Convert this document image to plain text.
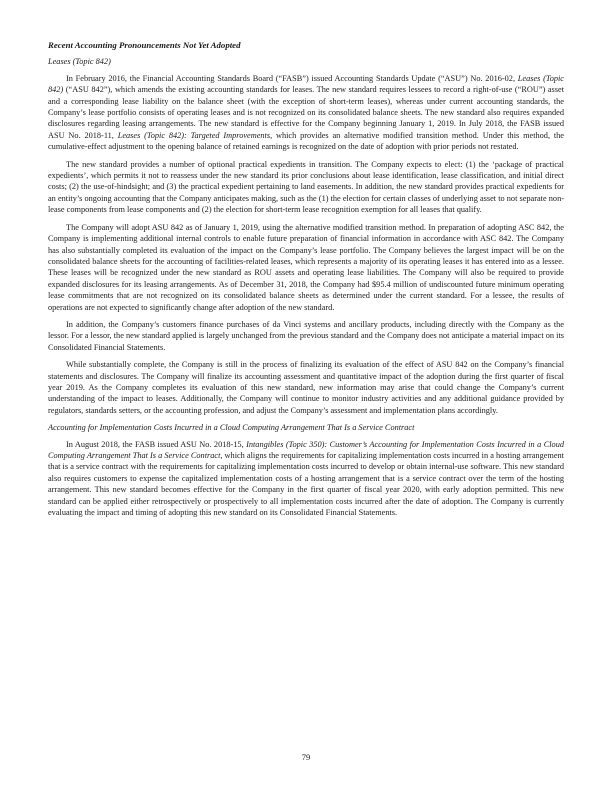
Recent Accounting Pronouncements Not Yet Adopted
Leases (Topic 842)

In February 2016, the Financial Accounting Standards Board (“FASB”) issued Accounting Standards Update (“ASU”) No. 2016-02, Leases (Topic 842) (“ASU 842”), which amends the existing accounting standards for leases. The new standard requires lessees to record a right-of-use (“ROU”) asset and a corresponding lease liability on the balance sheet (with the exception of short-term leases), whereas under current accounting standards, the Company’s lease portfolio consists of operating leases and is not recognized on its consolidated balance sheets. The new standard also requires expanded disclosures regarding leasing arrangements. The new standard is effective for the Company beginning January 1, 2019. In July 2018, the FASB issued ASU No. 2018-11, Leases (Topic 842): Targeted Improvements, which provides an alternative modified transition method. Under this method, the cumulative-effect adjustment to the opening balance of retained earnings is recognized on the date of adoption with prior periods not restated.

The new standard provides a number of optional practical expedients in transition. The Company expects to elect: (1) the ‘package of practical expedients’, which permits it not to reassess under the new standard its prior conclusions about lease identification, lease classification, and initial direct costs; (2) the use-of-hindsight; and (3) the practical expedient pertaining to land easements. In addition, the new standard provides practical expedients for an entity’s ongoing accounting that the Company anticipates making, such as the (1) the election for certain classes of underlying asset to not separate non-lease components from lease components and (2) the election for short-term lease recognition exemption for all leases that qualify.

The Company will adopt ASU 842 as of January 1, 2019, using the alternative modified transition method. In preparation of adopting ASC 842, the Company is implementing additional internal controls to enable future preparation of financial information in accordance with ASC 842. The Company has also substantially completed its evaluation of the impact on the Company’s lease portfolio. The Company believes the largest impact will be on the consolidated balance sheets for the accounting of facilities-related leases, which represents a majority of its operating leases it has entered into as a lessee. These leases will be recognized under the new standard as ROU assets and operating lease liabilities. The Company will also be required to provide expanded disclosures for its leasing arrangements. As of December 31, 2018, the Company had $95.4 million of undiscounted future minimum operating lease commitments that are not recognized on its consolidated balance sheets as determined under the current standard. For a lessee, the results of operations are not expected to significantly change after adoption of the new standard.

In addition, the Company’s customers finance purchases of da Vinci systems and ancillary products, including directly with the Company as the lessor. For a lessor, the new standard applied is largely unchanged from the previous standard and the Company does not anticipate a material impact on its Consolidated Financial Statements.

While substantially complete, the Company is still in the process of finalizing its evaluation of the effect of ASU 842 on the Company’s financial statements and disclosures. The Company will finalize its accounting assessment and quantitative impact of the adoption during the first quarter of fiscal year 2019. As the Company completes its evaluation of this new standard, new information may arise that could change the Company’s current understanding of the impact to leases. Additionally, the Company will continue to monitor industry activities and any additional guidance provided by regulators, standards setters, or the accounting profession, and adjust the Company’s assessment and implementation plans accordingly.

Accounting for Implementation Costs Incurred in a Cloud Computing Arrangement That Is a Service Contract

In August 2018, the FASB issued ASU No. 2018-15, Intangibles (Topic 350): Customer’s Accounting for Implementation Costs Incurred in a Cloud Computing Arrangement That Is a Service Contract, which aligns the requirements for capitalizing implementation costs incurred in a hosting arrangement that is a service contract with the requirements for capitalizing implementation costs incurred to develop or obtain internal-use software. This new standard also requires customers to expense the capitalized implementation costs of a hosting arrangement that is a service contract over the term of the hosting arrangement. This new standard becomes effective for the Company in the first quarter of fiscal year 2020, with early adoption permitted. This new standard can be applied either retrospectively or prospectively to all implementation costs incurred after the date of adoption. The Company is currently evaluating the impact and timing of adopting this new standard on its Consolidated Financial Statements.

79
